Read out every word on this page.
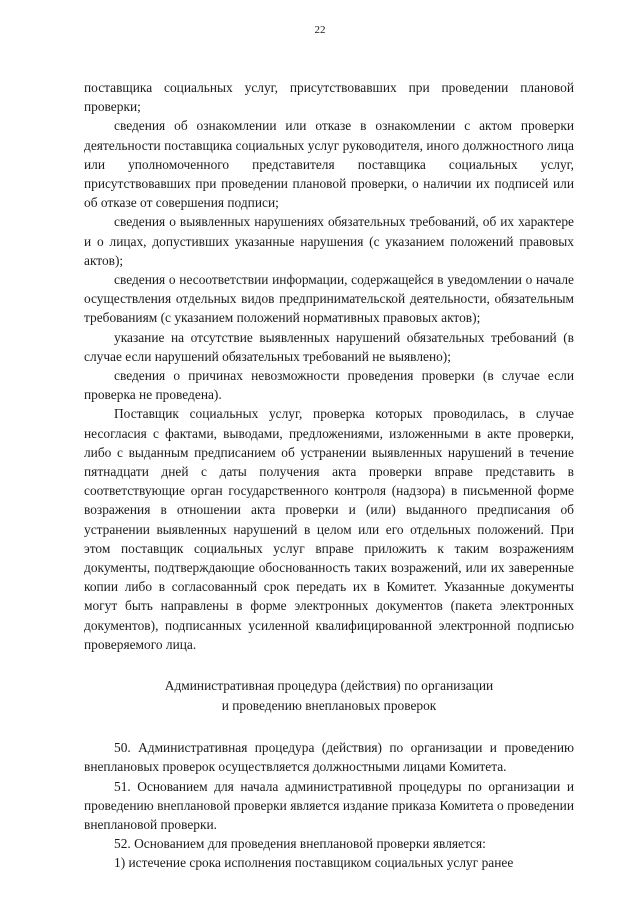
22

поставщика социальных услуг, присутствовавших при проведении плановой проверки;

сведения об ознакомлении или отказе в ознакомлении с актом проверки деятельности поставщика социальных услуг руководителя, иного должностного лица или уполномоченного представителя поставщика социальных услуг, присутствовавших при проведении плановой проверки, о наличии их подписей или об отказе от совершения подписи;

сведения о выявленных нарушениях обязательных требований, об их характере и о лицах, допустивших указанные нарушения (с указанием положений правовых актов);

сведения о несоответствии информации, содержащейся в уведомлении о начале осуществления отдельных видов предпринимательской деятельности, обязательным требованиям (с указанием положений нормативных правовых актов);

указание на отсутствие выявленных нарушений обязательных требований (в случае если нарушений обязательных требований не выявлено);

сведения о причинах невозможности проведения проверки (в случае если проверка не проведена).

Поставщик социальных услуг, проверка которых проводилась, в случае несогласия с фактами, выводами, предложениями, изложенными в акте проверки, либо с выданным предписанием об устранении выявленных нарушений в течение пятнадцати дней с даты получения акта проверки вправе представить в соответствующие орган государственного контроля (надзора) в письменной форме возражения в отношении акта проверки и (или) выданного предписания об устранении выявленных нарушений в целом или его отдельных положений. При этом поставщик социальных услуг вправе приложить к таким возражениям документы, подтверждающие обоснованность таких возражений, или их заверенные копии либо в согласованный срок передать их в Комитет. Указанные документы могут быть направлены в форме электронных документов (пакета электронных документов), подписанных усиленной квалифицированной электронной подписью проверяемого лица.

Административная процедура (действия) по организации
и проведению внеплановых проверок

50. Административная процедура (действия) по организации и проведению внеплановых проверок осуществляется должностными лицами Комитета.

51. Основанием для начала административной процедуры по организации и проведению внеплановой проверки является издание приказа Комитета о проведении внеплановой проверки.

52. Основанием для проведения внеплановой проверки является:

1) истечение срока исполнения поставщиком социальных услуг ранее
